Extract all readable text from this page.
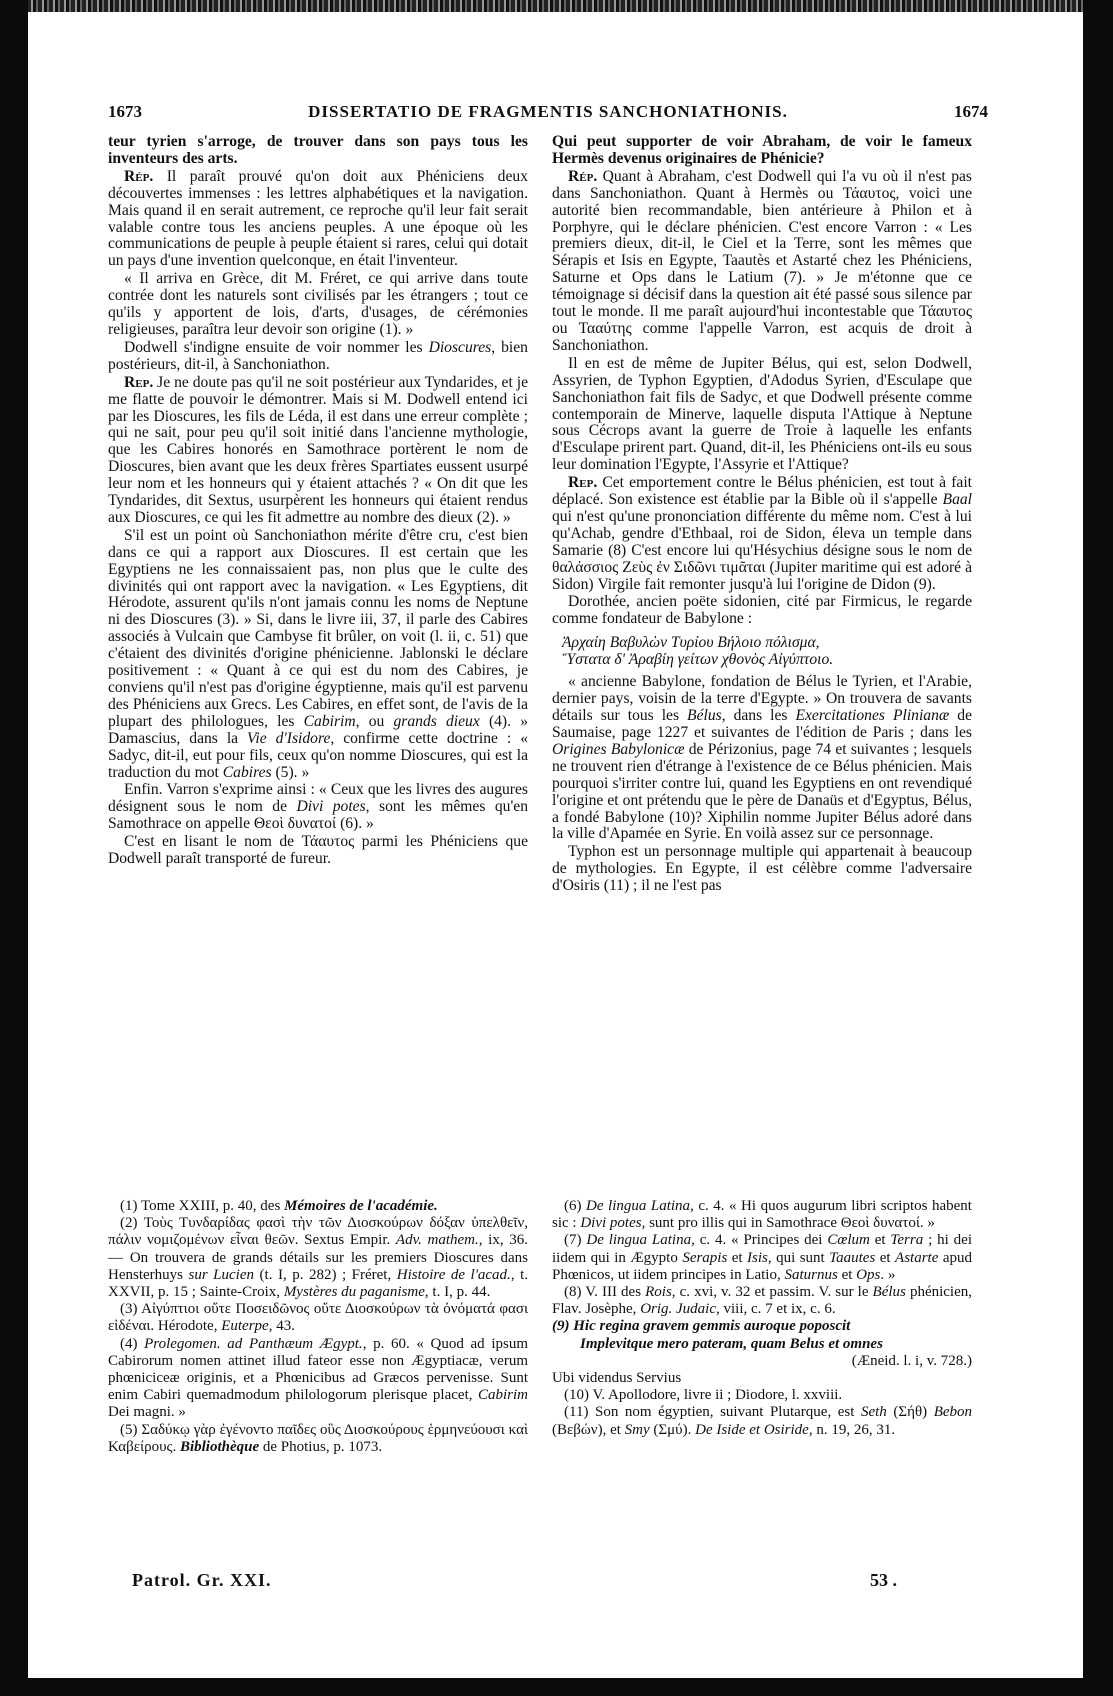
1673	DISSERTATIO DE FRAGMENTIS SANCHONIATHONIS.	1674

teur tyrien s'arroge, de trouver dans son pays tous les inventeurs des arts.

Rép. Il paraît prouvé qu'on doit aux Phéniciens deux découvertes immenses : les lettres alphabétiques et la navigation. Mais quand il en serait autrement, ce reproche qu'il leur fait serait valable contre tous les anciens peuples. A une époque où les communications de peuple à peuple étaient si rares, celui qui dotait un pays d'une invention quelconque, en était l'inventeur.

« Il arriva en Grèce, dit M. Fréret, ce qui arrive dans toute contrée dont les naturels sont civilisés par les étrangers ; tout ce qu'ils y apportent de lois, d'arts, d'usages, de cérémonies religieuses, paraîtra leur devoir son origine (1). »

Dodwell s'indigne ensuite de voir nommer les Dioscures, bien postérieurs, dit-il, à Sanchoniathon.

Rep. Je ne doute pas qu'il ne soit postérieur aux Tyndarides, et je me flatte de pouvoir le démontrer. Mais si M. Dodwell entend ici par les Dioscures, les fils de Léda, il est dans une erreur complète ; qui ne sait, pour peu qu'il soit initié dans l'ancienne mythologie, que les Cabires honorés en Samothrace portèrent le nom de Dioscures, bien avant que les deux frères Spartiates eussent usurpé leur nom et les honneurs qui y étaient attachés ? « On dit que les Tyndarides, dit Sextus, usurpèrent les honneurs qui étaient rendus aux Dioscures, ce qui les fit admettre au nombre des dieux (2). »

S'il est un point où Sanchoniathon mérite d'être cru, c'est bien dans ce qui a rapport aux Dioscures. Il est certain que les Egyptiens ne les connaissaient pas, non plus que le culte des divinités qui ont rapport avec la navigation. « Les Egyptiens, dit Hérodote, assurent qu'ils n'ont jamais connu les noms de Neptune ni des Dioscures (3). » Si, dans le livre iii, 37, il parle des Cabires associés à Vulcain que Cambyse fit brûler, on voit (l. ii, c. 51) que c'étaient des divinités d'origine phénicienne. Jablonski le déclare positivement : « Quant à ce qui est du nom des Cabires, je conviens qu'il n'est pas d'origine égyptienne, mais qu'il est parvenu des Phéniciens aux Grecs. Les Cabires, en effet sont, de l'avis de la plupart des philologues, les Cabirim, ou grands dieux (4). » Damascius, dans la Vie d'Isidore, confirme cette doctrine : « Sadyc, dit-il, eut pour fils, ceux qu'on nomme Dioscures, qui est la traduction du mot Cabires (5). »

Enfin. Varron s'exprime ainsi : « Ceux que les livres des augures désignent sous le nom de Divi potes, sont les mêmes qu'en Samothrace on appelle Θεοὶ δυνατοί (6). »

C'est en lisant le nom de Τάαυτος parmi les Phéniciens que Dodwell paraît transporté de fureur.

Qui peut supporter de voir Abraham, de voir le fameux Hermès devenus originaires de Phénicie?

Rép. Quant à Abraham, c'est Dodwell qui l'a vu où il n'est pas dans Sanchoniathon. Quant à Hermès ou Τάαυτος, voici une autorité bien recommandable, bien antérieure à Philon et à Porphyre, qui le déclare phénicien. C'est encore Varron : « Les premiers dieux, dit-il, le Ciel et la Terre, sont les mêmes que Sérapis et Isis en Egypte, Taautès et Astarté chez les Phéniciens, Saturne et Ops dans le Latium (7). » Je m'étonne que ce témoignage si décisif dans la question ait été passé sous silence par tout le monde. Il me paraît aujourd'hui incontestable que Τάαυτος ou Τααύτης comme l'appelle Varron, est acquis de droit à Sanchoniathon.

Il en est de même de Jupiter Bélus, qui est, selon Dodwell, Assyrien, de Typhon Egyptien, d'Adodus Syrien, d'Esculape que Sanchoniathon fait fils de Sadyc, et que Dodwell présente comme contemporain de Minerve, laquelle disputa l'Attique à Neptune sous Cécrops avant la guerre de Troie à laquelle les enfants d'Esculape prirent part. Quand, dit-il, les Phéniciens ont-ils eu sous leur domination l'Egypte, l'Assyrie et l'Attique?

Rep. Cet emportement contre le Bélus phénicien, est tout à fait déplacé. Son existence est établie par la Bible où il s'appelle Baal qui n'est qu'une prononciation différente du même nom. C'est à lui qu'Achab, gendre d'Ethbaal, roi de Sidon, éleva un temple dans Samarie (8) C'est encore lui qu'Hésychius désigne sous le nom de θαλάσσιος Ζεὺς ἐν Σιδῶνι τιμᾶται (Jupiter maritime qui est adoré à Sidon) Virgile fait remonter jusqu'à lui l'origine de Didon (9).

Dorothée, ancien poëte sidonien, cité par Firmicus, le regarde comme fondateur de Babylone :

Ἀρχαίη Βαβυλὼν Τυρίου Βήλοιο πόλισμα,
Ὕστατα δ' Ἀραβίη γείτων χθονὸς Αἰγύπτοιο.

« ancienne Babylone, fondation de Bélus le Tyrien, et l'Arabie, dernier pays, voisin de la terre d'Egypte. » On trouvera de savants détails sur tous les Bélus, dans les Exercitationes Plinianæ de Saumaise, page 1227 et suivantes de l'édition de Paris ; dans les Origines Babylonicæ de Périzonius, page 74 et suivantes ; lesquels ne trouvent rien d'étrange à l'existence de ce Bélus phénicien. Mais pourquoi s'irriter contre lui, quand les Egyptiens en ont revendiqué l'origine et ont prétendu que le père de Danaüs et d'Egyptus, Bélus, a fondé Babylone (10)? Xiphilin nomme Jupiter Bélus adoré dans la ville d'Apamée en Syrie. En voilà assez sur ce personnage.

Typhon est un personnage multiple qui appartenait à beaucoup de mythologies. En Egypte, il est célèbre comme l'adversaire d'Osiris (11) ; il ne l'est pas

(1) Tome XXIII, p. 40, des Mémoires de l'académie.

(2) Τοὺς Τυνδαρίδας φασὶ τὴν τῶν Διοσκούρων δόξαν ὑπελθεῖν, πάλιν νομιζομένων εἶναι θεῶν. Sextus Empir. Adv. mathem., ix, 36. — On trouvera de grands détails sur les premiers Dioscures dans Hensterhuys sur Lucien (t. I, p. 282) ; Fréret, Histoire de l'acad., t. XXVII, p. 15 ; Sainte-Croix, Mystères du paganisme, t. I, p. 44.

(3) Αἰγύπτιοι οὔτε Ποσειδῶνος οὔτε Διοσκούρων τὰ ὀνόματά φασι εἰδέναι. Hérodote, Euterpe, 43.

(4) Prolegomen. ad Panthæum Ægypt., p. 60. « Quod ad ipsum Cabirorum nomen attinet illud fateor esse non Ægyptiacæ, verum phœniciceæ originis, et a Phœnicibus ad Græcos pervenisse. Sunt enim Cabiri quemadmodum philologorum plerisque placet, Cabirim Dei magni. »

(5) Σαδύκῳ γὰρ ἐγένοντο παῖδες οὓς Διοσκούρους ἑρμηνεύουσι καὶ Καβείρους. Bibliothèque de Photius, p. 1073.

(6) De lingua Latina, c. 4. « Hi quos augurum libri scriptos habent sic : Divi potes, sunt pro illis qui in Samothrace Θεοὶ δυνατοί. »

(7) De lingua Latina, c. 4. « Principes dei Cœlum et Terra ; hi dei iidem qui in Ægypto Serapis et Isis, qui sunt Taautes et Astarte apud Phœnicos, ut iidem principes in Latio, Saturnus et Ops. »

(8) V. III des Rois, c. xvi, v. 32 et passim. V. sur le Bélus phénicien, Flav. Josèphe, Orig. Judaic, viii, c. 7 et ix, c. 6.

(9) Hic regina gravem gemmis auroque poposcit

Implevitque mero pateram, quam Belus et omnes

(Æneid. l. i, v. 728.)

Ubi videndus Servius

(10) V. Apollodore, livre ii ; Diodore, l. xxviii.

(11) Son nom égyptien, suivant Plutarque, est Seth (Σήθ) Bebon (Βεβών), et Smy (Σμύ). De Iside et Osiride, n. 19, 26, 31.

Patrol. Gr. XXI.	53 .
